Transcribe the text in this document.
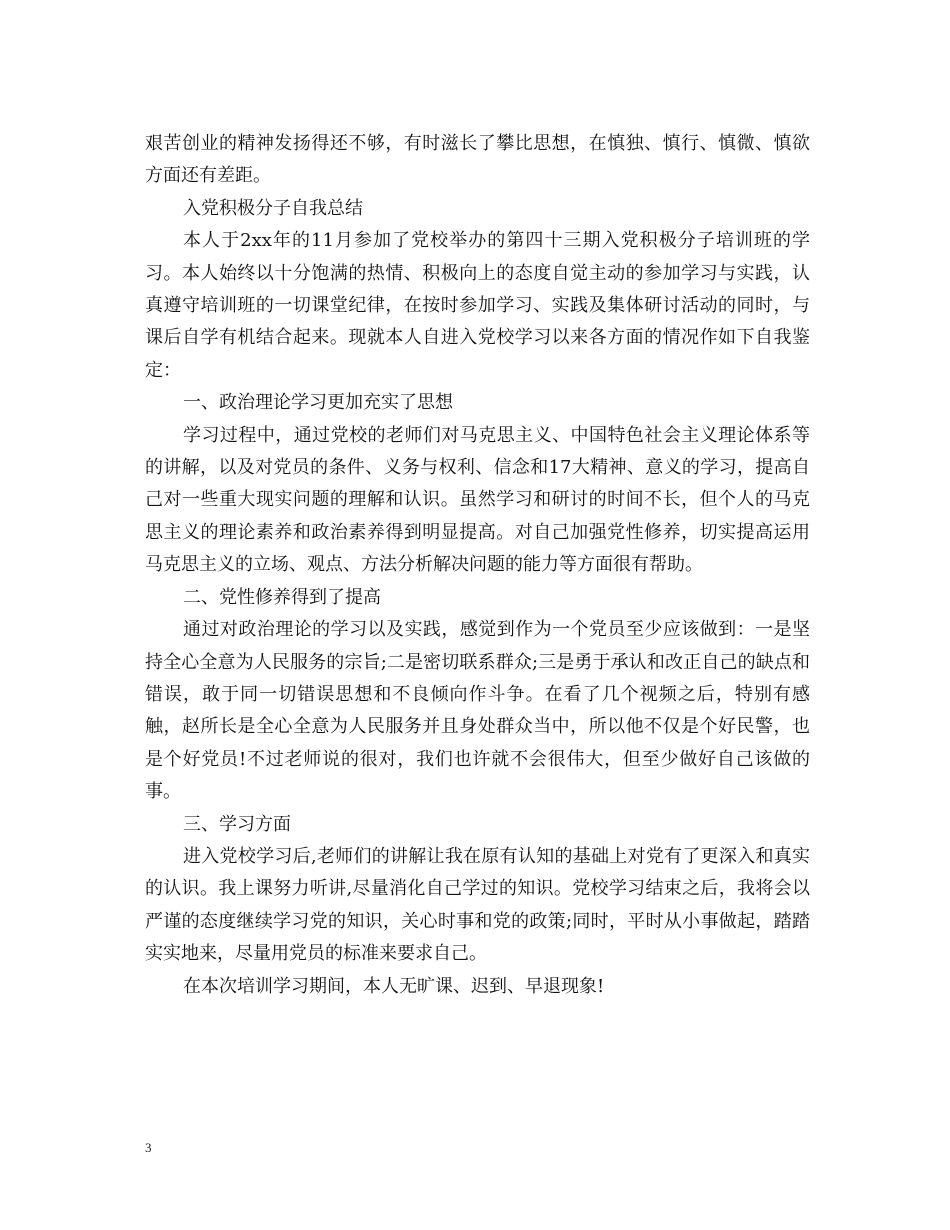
艰苦创业的精神发扬得还不够，有时滋长了攀比思想，在慎独、慎行、慎微、慎欲方面还有差距。

入党积极分子自我总结

本人于2xx年的11月参加了党校举办的第四十三期入党积极分子培训班的学习。本人始终以十分饱满的热情、积极向上的态度自觉主动的参加学习与实践，认真遵守培训班的一切课堂纪律，在按时参加学习、实践及集体研讨活动的同时，与课后自学有机结合起来。现就本人自进入党校学习以来各方面的情况作如下自我鉴定：

一、政治理论学习更加充实了思想

学习过程中，通过党校的老师们对马克思主义、中国特色社会主义理论体系等的讲解，以及对党员的条件、义务与权利、信念和17大精神、意义的学习，提高自己对一些重大现实问题的理解和认识。虽然学习和研讨的时间不长，但个人的马克思主义的理论素养和政治素养得到明显提高。对自己加强党性修养，切实提高运用马克思主义的立场、观点、方法分析解决问题的能力等方面很有帮助。

二、党性修养得到了提高

通过对政治理论的学习以及实践，感觉到作为一个党员至少应该做到：一是坚持全心全意为人民服务的宗旨;二是密切联系群众;三是勇于承认和改正自己的缺点和错误，敢于同一切错误思想和不良倾向作斗争。在看了几个视频之后，特别有感触，赵所长是全心全意为人民服务并且身处群众当中，所以他不仅是个好民警，也是个好党员!不过老师说的很对，我们也许就不会很伟大，但至少做好自己该做的事。

三、学习方面

进入党校学习后,老师们的讲解让我在原有认知的基础上对党有了更深入和真实的认识。我上课努力听讲,尽量消化自己学过的知识。党校学习结束之后，我将会以严谨的态度继续学习党的知识，关心时事和党的政策;同时，平时从小事做起，踏踏实实地来，尽量用党员的标准来要求自己。

在本次培训学习期间，本人无旷课、迟到、早退现象!

3
